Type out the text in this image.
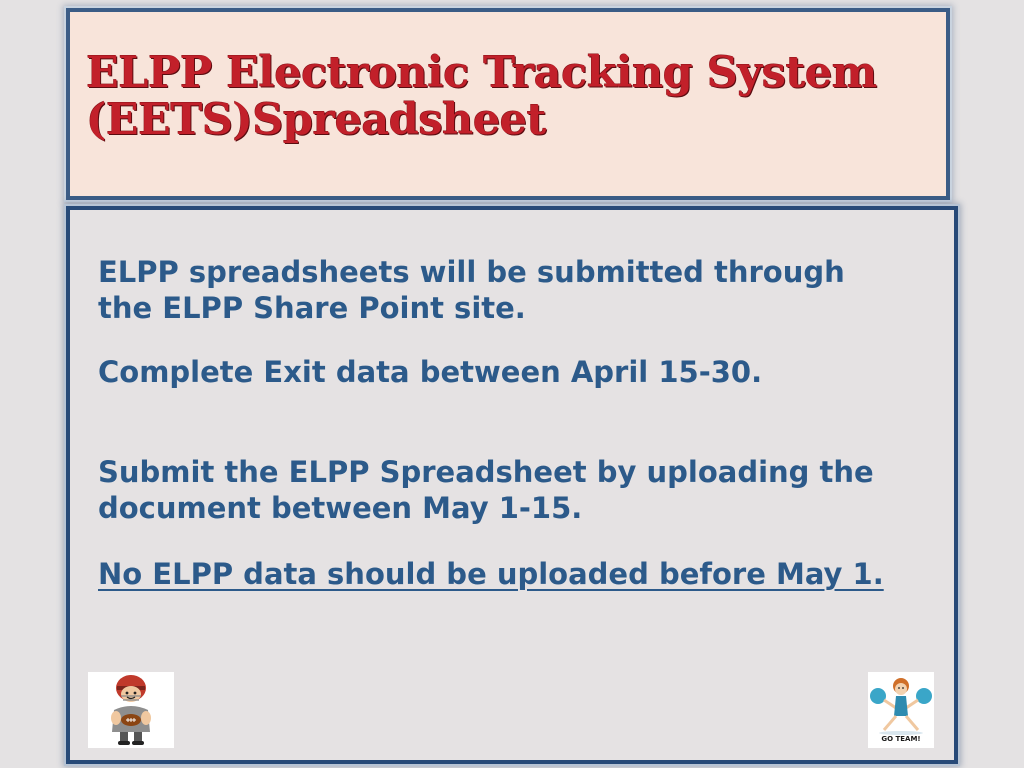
ELPP Electronic Tracking System
(EETS)Spreadsheet
ELPP spreadsheets will be submitted through
the ELPP Share Point site.
Complete Exit data between April 15-30.
Submit the ELPP Spreadsheet by uploading the
document between May 1-15.
No ELPP data should be uploaded before May 1.
GO TEAM!
